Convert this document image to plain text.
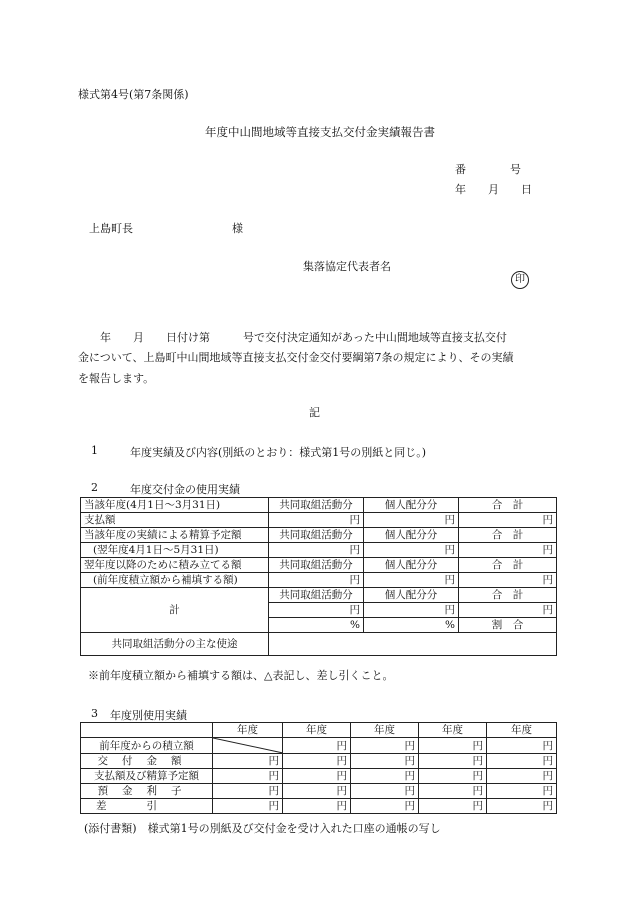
様式第4号(第7条関係)
年度中山間地域等直接支払交付金実績報告書
番　　　　号
年　　月　　日
上島町長	様
集落協定代表者名
印
　　年　　月　　日付け第　　　号で交付決定通知があった中山間地域等直接支払交付
金について、上島町中山間地域等直接支払交付金交付要綱第7条の規定により、その実績
を報告します。
記
1	年度実績及び内容(別紙のとおり：様式第1号の別紙と同じ。)
2	年度交付金の使用実績
当該年度(4月1日～3月31日)	共同取組活動分	個人配分分	合　計
支払額	円	円	円
当該年度の実績による精算予定額	共同取組活動分	個人配分分	合　計
(翌年度4月1日～5月31日)	円	円	円
翌年度以降のために積み立てる額	共同取組活動分	個人配分分	合　計
(前年度積立額から補填する額)	円	円	円
計	共同取組活動分	個人配分分	合　計
	円	円	円
	%	%	割　合
共同取組活動分の主な使途			
※前年度積立額から補填する額は、△表記し、差し引くこと。
3 年度別使用実績
	年度	年度	年度	年度	年度
前年度からの積立額		円	円	円	円
交付金額	円	円	円	円	円
支払額及び精算予定額	円	円	円	円	円
預金利子	円	円	円	円	円
差引	円	円	円	円	円
(添付書類)　様式第1号の別紙及び交付金を受け入れた口座の通帳の写し
